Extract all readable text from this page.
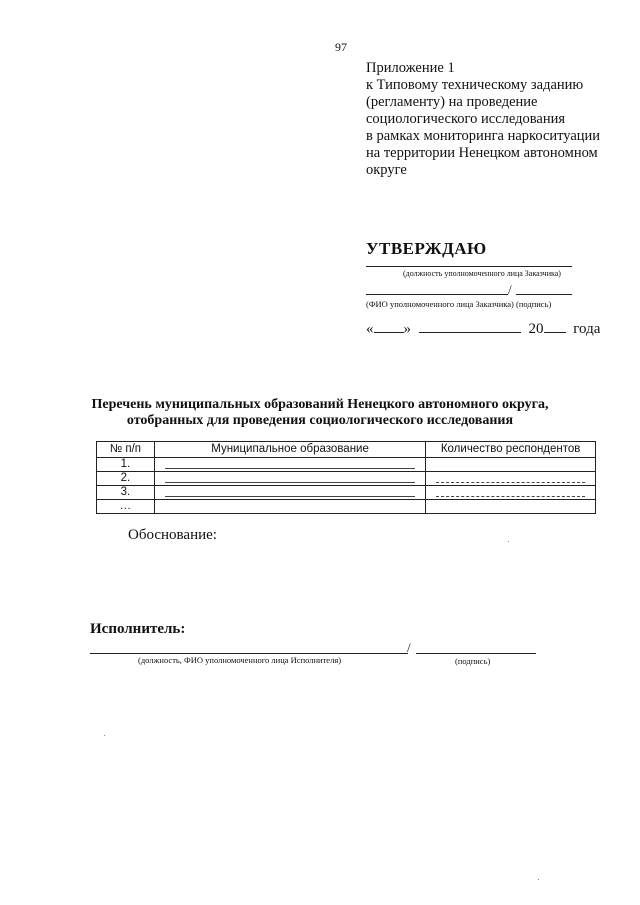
97
Приложение 1
к Типовому техническому заданию
(регламенту) на проведение
социологического исследования
в рамках мониторинга наркоситуации
на территории Ненецком автономном
округе
УТВЕРЖДАЮ
(должность уполномоченного лица Заказчика)
/
(ФИО уполномоченного лица Заказчика) (подпись)
« »	20 года
Перечень муниципальных образований Ненецкого автономного округа,
отобранных для проведения социологического исследования
№ п/п	Муниципальное образование	Количество респондентов
1.	

2.	

3.	

…		
Обоснование:
Исполнитель:
/
(должность, ФИО уполномоченного лица Исполнителя)	(подпись)
